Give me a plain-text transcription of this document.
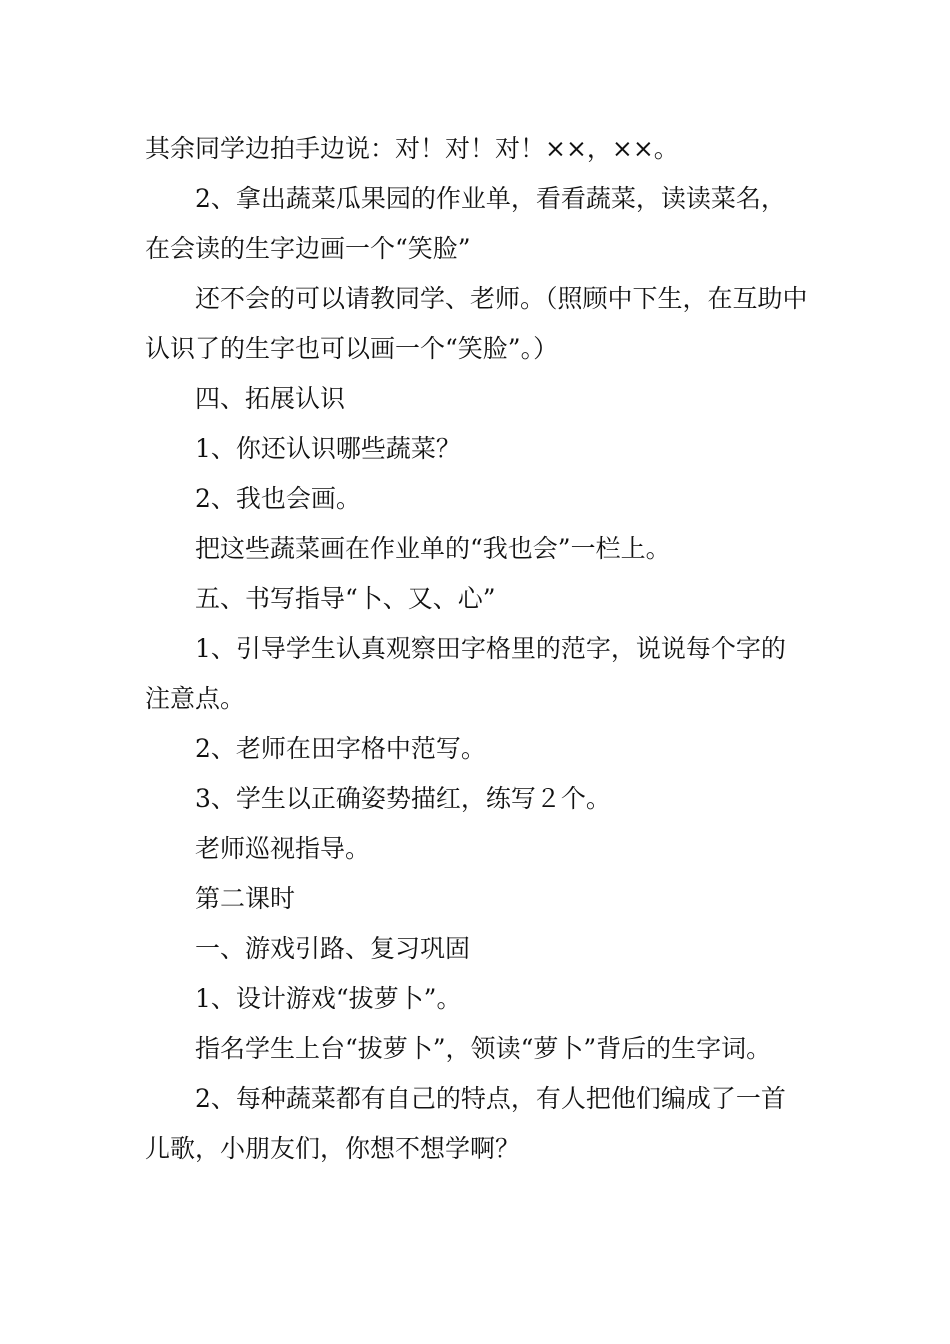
其余同学边拍手边说：对！对！对！××，××。

2、拿出蔬菜瓜果园的作业单，看看蔬菜，读读菜名，在会读的生字边画一个“笑脸”

还不会的可以请教同学、老师。（照顾中下生，在互助中认识了的生字也可以画一个“笑脸”。）

四、拓展认识

1、你还认识哪些蔬菜？

2、我也会画。

把这些蔬菜画在作业单的“我也会”一栏上。

五、书写指导“卜、又、心”

1、引导学生认真观察田字格里的范字，说说每个字的注意点。

2、老师在田字格中范写。

3、学生以正确姿势描红，练写２个。

老师巡视指导。

第二课时

一、游戏引路、复习巩固

1、设计游戏“拔萝卜”。

指名学生上台“拔萝卜”，领读“萝卜”背后的生字词。

2、每种蔬菜都有自己的特点，有人把他们编成了一首儿歌，小朋友们，你想不想学啊？
